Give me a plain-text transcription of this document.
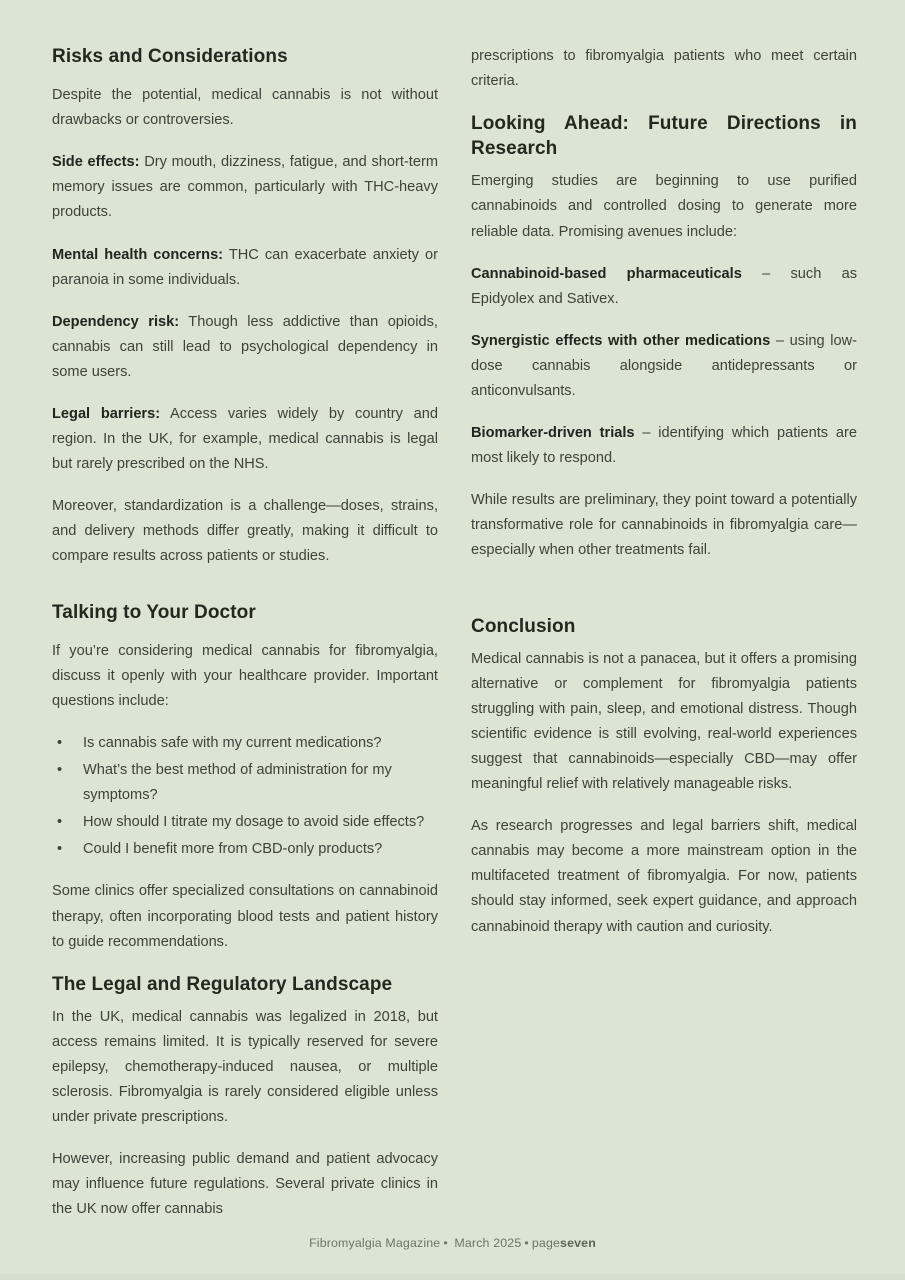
Risks and Considerations

Despite the potential, medical cannabis is not without drawbacks or controversies.

Side effects: Dry mouth, dizziness, fatigue, and short-term memory issues are common, particularly with THC-heavy products.

Mental health concerns: THC can exacerbate anxiety or paranoia in some individuals.

Dependency risk: Though less addictive than opioids, cannabis can still lead to psychological dependency in some users.

Legal barriers: Access varies widely by country and region. In the UK, for example, medical cannabis is legal but rarely prescribed on the NHS.

Moreover, standardization is a challenge—doses, strains, and delivery methods differ greatly, making it difficult to compare results across patients or studies.

Talking to Your Doctor

If you’re considering medical cannabis for fibromyalgia, discuss it openly with your healthcare provider. Important questions include:

• Is cannabis safe with my current medications?
• What’s the best method of administration for my symptoms?
• How should I titrate my dosage to avoid side effects?
• Could I benefit more from CBD-only products?

Some clinics offer specialized consultations on cannabinoid therapy, often incorporating blood tests and patient history to guide recommendations.

The Legal and Regulatory Landscape

In the UK, medical cannabis was legalized in 2018, but access remains limited. It is typically reserved for severe epilepsy, chemotherapy-induced nausea, or multiple sclerosis. Fibromyalgia is rarely considered eligible unless under private prescriptions.

However, increasing public demand and patient advocacy may influence future regulations. Several private clinics in the UK now offer cannabis

prescriptions to fibromyalgia patients who meet certain criteria.

Looking Ahead: Future Directions in Research

Emerging studies are beginning to use purified cannabinoids and controlled dosing to generate more reliable data. Promising avenues include:

Cannabinoid-based pharmaceuticals – such as Epidyolex and Sativex.

Synergistic effects with other medications – using low-dose cannabis alongside antidepressants or anticonvulsants.

Biomarker-driven trials – identifying which patients are most likely to respond.

While results are preliminary, they point toward a potentially transformative role for cannabinoids in fibromyalgia care—especially when other treatments fail.

Conclusion

Medical cannabis is not a panacea, but it offers a promising alternative or complement for fibromyalgia patients struggling with pain, sleep, and emotional distress. Though scientific evidence is still evolving, real-world experiences suggest that cannabinoids—especially CBD—may offer meaningful relief with relatively manageable risks.

As research progresses and legal barriers shift, medical cannabis may become a more mainstream option in the multifaceted treatment of fibromyalgia. For now, patients should stay informed, seek expert guidance, and approach cannabinoid therapy with caution and curiosity.

Fibromyalgia Magazine • March 2025 • pageseven
